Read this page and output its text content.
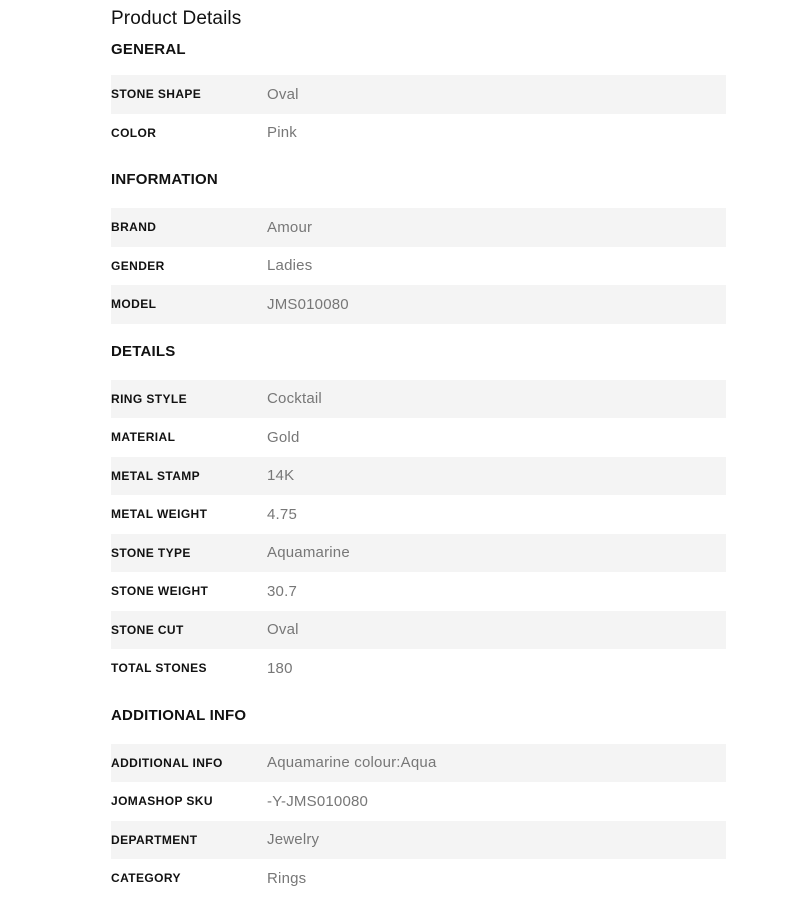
Product Details
GENERAL
STONE SHAPE	Oval
COLOR	Pink
INFORMATION
BRAND	Amour
GENDER	Ladies
MODEL	JMS010080
DETAILS
RING STYLE	Cocktail
MATERIAL	Gold
METAL STAMP	14K
METAL WEIGHT	4.75
STONE TYPE	Aquamarine
STONE WEIGHT	30.7
STONE CUT	Oval
TOTAL STONES	180
ADDITIONAL INFO
ADDITIONAL INFO	Aquamarine colour:Aqua
JOMASHOP SKU	-Y-JMS010080
DEPARTMENT	Jewelry
CATEGORY	Rings
